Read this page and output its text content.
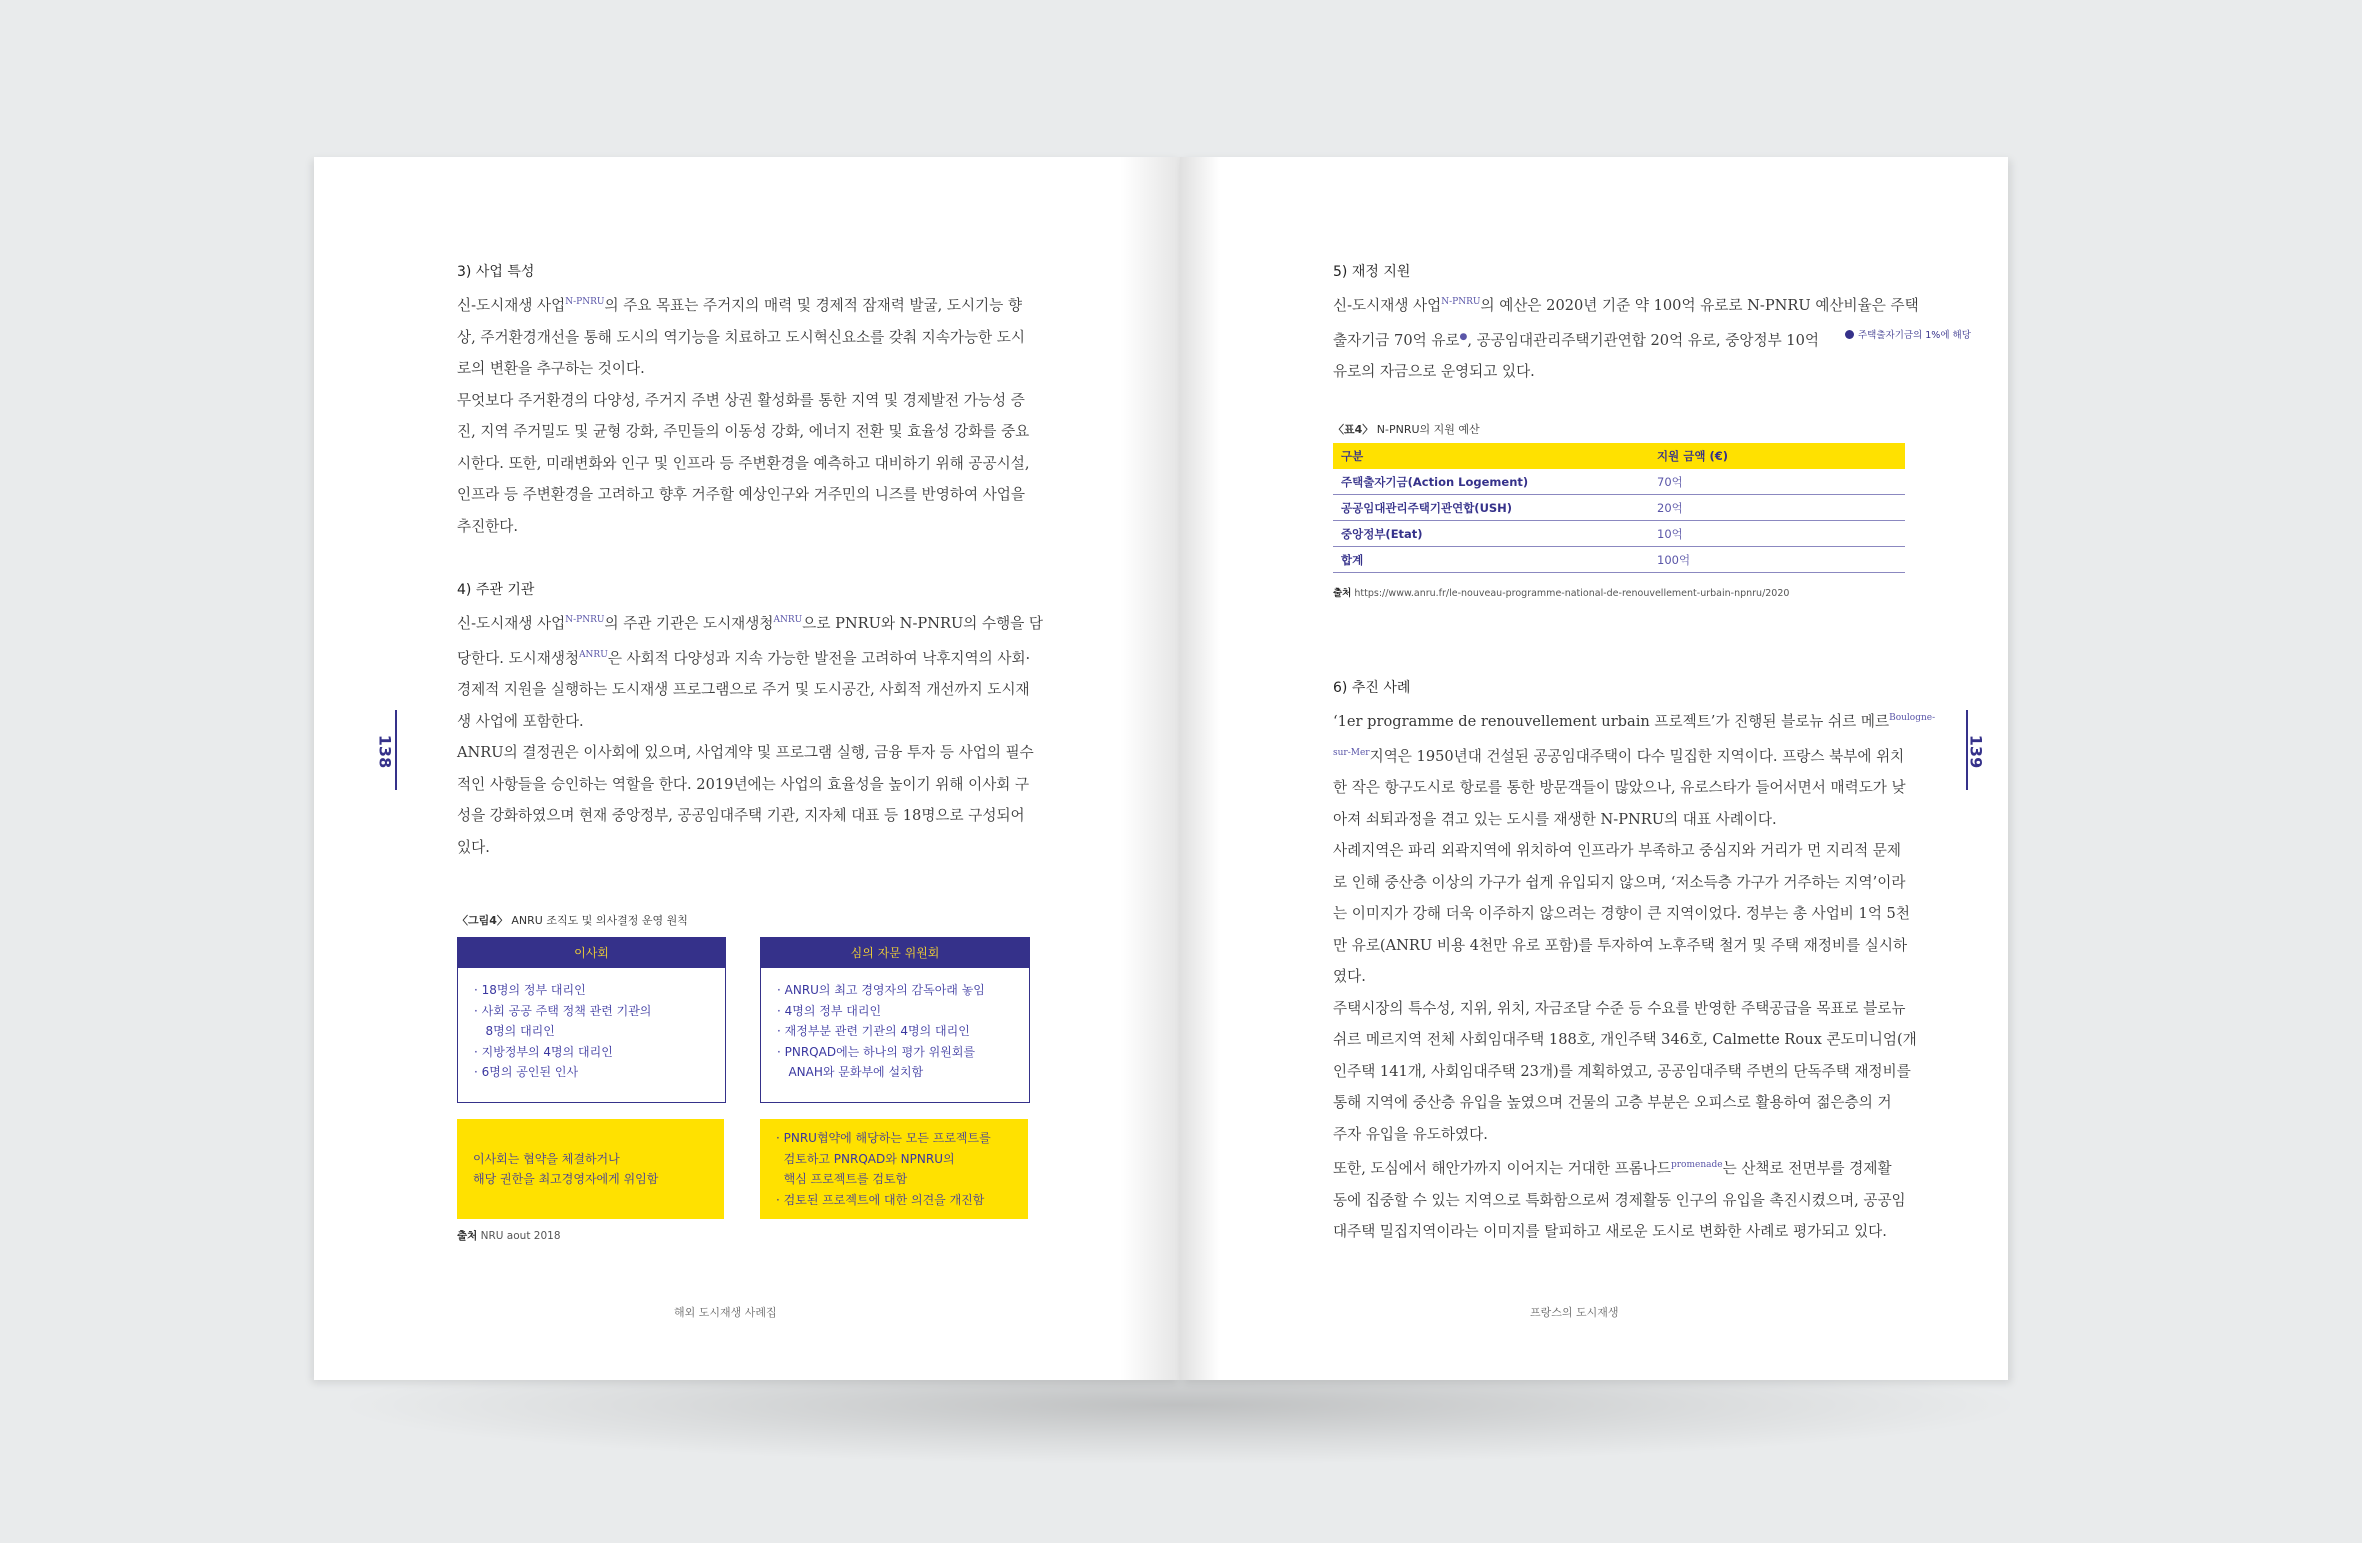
3) 사업 특성
신-도시재생 사업$^{N-PNRU}$의 주요 목표는 주거지의 매력 및 경제적 잠재력 발굴, 도시기능 향
상, 주거환경개선을 통해 도시의 역기능을 치료하고 도시혁신요소를 갖춰 지속가능한 도시
로의 변환을 추구하는 것이다.
무엇보다 주거환경의 다양성, 주거지 주변 상권 활성화를 통한 지역 및 경제발전 가능성 증
진, 지역 주거밀도 및 균형 강화, 주민들의 이동성 강화, 에너지 전환 및 효율성 강화를 중요
시한다. 또한, 미래변화와 인구 및 인프라 등 주변환경을 예측하고 대비하기 위해 공공시설,
인프라 등 주변환경을 고려하고 향후 거주할 예상인구와 거주민의 니즈를 반영하여 사업을
추진한다.
4) 주관 기관
신-도시재생 사업$^{N-PNRU}$의 주관 기관은 도시재생청$^{ANRU}$으로 PNRU와 N-PNRU의 수행을 담
당한다. 도시재생청$^{ANRU}$은 사회적 다양성과 지속 가능한 발전을 고려하여 낙후지역의 사회·
경제적 지원을 실행하는 도시재생 프로그램으로 주거 및 도시공간, 사회적 개선까지 도시재
생 사업에 포함한다.
ANRU의 결정권은 이사회에 있으며, 사업계약 및 프로그램 실행, 금융 투자 등 사업의 필수
적인 사항들을 승인하는 역할을 한다. 2019년에는 사업의 효율성을 높이기 위해 이사회 구
성을 강화하였으며 현재 중앙정부, 공공임대주택 기관, 지자체 대표 등 18명으로 구성되어
있다.
138
〈그림4〉 ANRU 조직도 및 의사결정 운영 원칙
이사회
· 18명의 정부 대리인
· 사회 공공 주택 정책 관련 기관의
8명의 대리인
· 지방정부의 4명의 대리인
· 6명의 공인된 인사
심의 자문 위원회
· ANRU의 최고 경영자의 감독아래 놓임
· 4명의 정부 대리인
· 재정부분 관련 기관의 4명의 대리인
· PNRQAD에는 하나의 평가 위원회를
ANAH와 문화부에 설치함
이사회는 협약을 체결하거나
해당 권한을 최고경영자에게 위임함
· PNRU협약에 해당하는 모든 프로젝트를
검토하고 PNRQAD와 NPNRU의
핵심 프로젝트를 검토함
· 검토된 프로젝트에 대한 의견을 개진함
출처 NRU aout 2018
해외 도시재생 사례집
5) 재정 지원
신-도시재생 사업$^{N-PNRU}$의 예산은 2020년 기준 약 100억 유로로 N-PNRU 예산비율은 주택
출자기금 70억 유로●, 공공임대관리주택기관연합 20억 유로, 중앙정부 10억
유로의 자금으로 운영되고 있다.
주택출자기금의 1%에 해당
〈표4〉 N-PNRU의 지원 예산
구분	지원 금액 (€)
주택출자기금(Action Logement)	70억
공공임대관리주택기관연합(USH)	20억
중앙정부(Etat)	10억
합계	100억
출처 https://www.anru.fr/le-nouveau-programme-national-de-renouvellement-urbain-npnru/2020
6) 추진 사례
‘1er programme de renouvellement urbain 프로젝트’가 진행된 블로뉴 쉬르 메르$^{Boulogne-}$
$^{sur-Mer}$지역은 1950년대 건설된 공공임대주택이 다수 밀집한 지역이다. 프랑스 북부에 위치
한 작은 항구도시로 항로를 통한 방문객들이 많았으나, 유로스타가 들어서면서 매력도가 낮
아져 쇠퇴과정을 겪고 있는 도시를 재생한 N-PNRU의 대표 사례이다.
사례지역은 파리 외곽지역에 위치하여 인프라가 부족하고 중심지와 거리가 먼 지리적 문제
로 인해 중산층 이상의 가구가 쉽게 유입되지 않으며, ‘저소득층 가구가 거주하는 지역’이라
는 이미지가 강해 더욱 이주하지 않으려는 경향이 큰 지역이었다. 정부는 총 사업비 1억 5천
만 유로(ANRU 비용 4천만 유로 포함)를 투자하여 노후주택 철거 및 주택 재정비를 실시하
였다.
주택시장의 특수성, 지위, 위치, 자금조달 수준 등 수요를 반영한 주택공급을 목표로 블로뉴
쉬르 메르지역 전체 사회임대주택 188호, 개인주택 346호, Calmette Roux 콘도미니엄(개
인주택 141개, 사회임대주택 23개)를 계획하였고, 공공임대주택 주변의 단독주택 재정비를
통해 지역에 중산층 유입을 높였으며 건물의 고층 부분은 오피스로 활용하여 젊은층의 거
주자 유입을 유도하였다.
또한, 도심에서 해안가까지 이어지는 거대한 프롬나드$^{promenade}$는 산책로 전면부를 경제활
동에 집중할 수 있는 지역으로 특화함으로써 경제활동 인구의 유입을 촉진시켰으며, 공공임
대주택 밀집지역이라는 이미지를 탈피하고 새로운 도시로 변화한 사례로 평가되고 있다.
139
프랑스의 도시재생
